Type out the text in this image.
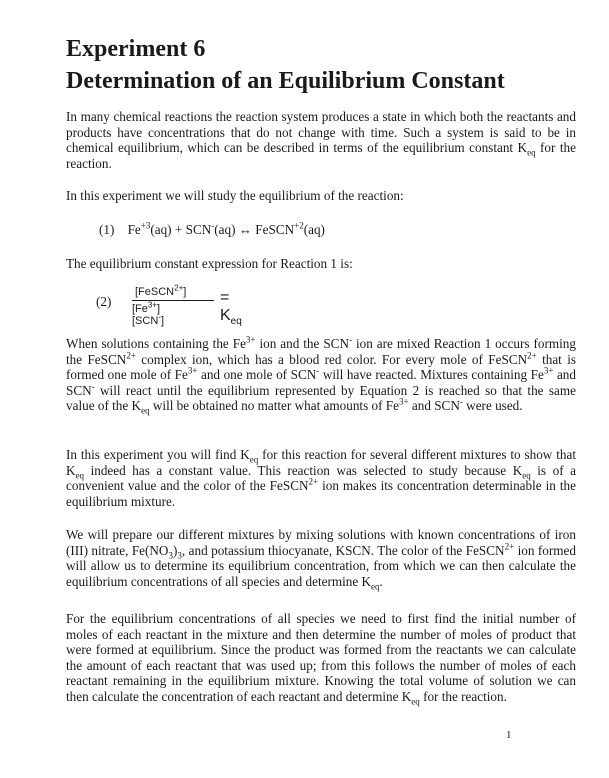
Experiment 6
Determination of an Equilibrium Constant

In many chemical reactions the reaction system produces a state in which both the reactants and products have concentrations that do not change with time. Such a system is said to be in chemical equilibrium, which can be described in terms of the equilibrium constant $K_{eq}$ for the reaction.

In this experiment we will study the equilibrium of the reaction:

(1) $Fe^{+3}(aq) + SCN^-(aq)$ ↔ FeSCN$^{+2}$(aq)

The equilibrium constant expression for Reaction 1 is:

(2)
[FeSCN$^{2+}$]
$[Fe^{3+}][SCN^-]$
= $K_{eq}$

When solutions containing the $Fe^{3+}$ ion and the SCN- ion are mixed Reaction 1 occurs forming the FeSCN$^{2+}$ complex ion, which has a blood red color. For every mole of FeSCN$^{2+}$ that is formed one mole of $Fe^{3+}$ and one mole of SCN- will have reacted. Mixtures containing $Fe^{3+}$ and SCN- will react until the equilibrium represented by Equation 2 is reached so that the same value of the $K_{eq}$ will be obtained no matter what amounts of $Fe^{3+}$ and SCN- were used.

In this experiment you will find $K_{eq}$ for this reaction for several different mixtures to show that $K_{eq}$ indeed has a constant value. This reaction was selected to study because $K_{eq}$ is of a convenient value and the color of the FeSCN$^{2+}$ ion makes its concentration determinable in the equilibrium mixture.

We will prepare our different mixtures by mixing solutions with known concentrations of iron (III) nitrate, $Fe(NO_3)_3$, and potassium thiocyanate, KSCN. The color of the FeSCN$^{2+}$ ion formed will allow us to determine its equilibrium concentration, from which we can then calculate the equilibrium concentrations of all species and determine $K_{eq}$.

For the equilibrium concentrations of all species we need to first find the initial number of moles of each reactant in the mixture and then determine the number of moles of product that were formed at equilibrium. Since the product was formed from the reactants we can calculate the amount of each reactant that was used up; from this follows the number of moles of each reactant remaining in the equilibrium mixture. Knowing the total volume of solution we can then calculate the concentration of each reactant and determine $K_{eq}$ for the reaction.

1
